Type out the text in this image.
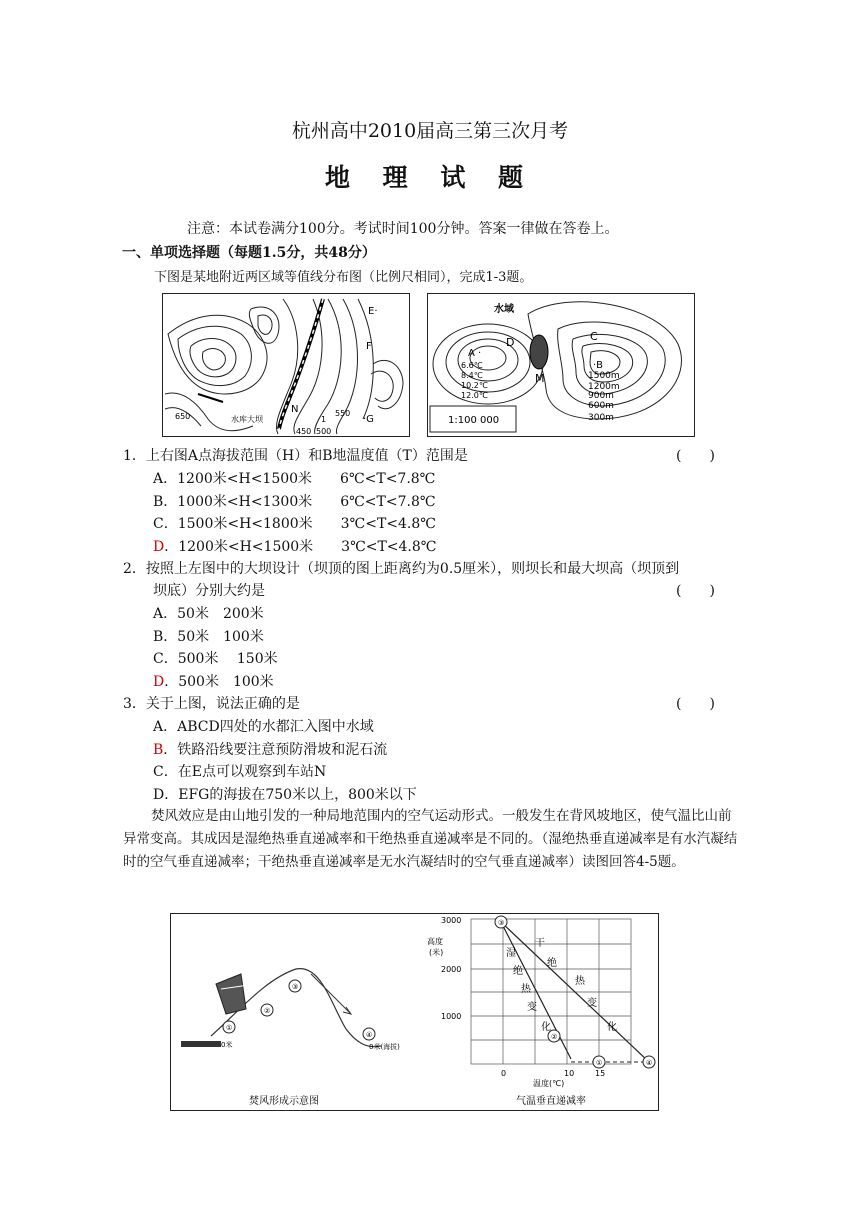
杭州高中2010届高三第三次月考
地 理 试 题
注意：本试卷满分100分。考试时间100分钟。答案一律做在答卷上。
一、单项选择题（每题1.5分，共48分）
下图是某地附近两区域等值线分布图（比例尺相同），完成1-3题。
E·
F
N
·G
水库大坝
650	550
450 500
1
水域
A ·
D
M
C
·B
6.6℃
8.4℃
10.2℃
12.0℃
1500m
1200m
900m
600m
300m
1:100 000
1．上右图A点海拔范围（H）和B地温度值（T）范围是	(　　)
A．1200米<H<1500米　　6℃<T<7.8℃
B．1000米<H<1300米　　6℃<T<7.8℃
C．1500米<H<1800米　　3℃<T<4.8℃
D．1200米<H<1500米　　3℃<T<4.8℃
2．按照上左图中的大坝设计（坝顶的图上距离约为0.5厘米），则坝长和最大坝高（坝顶到
坝底）分别大约是	(　　)
A．50米　200米
B．50米　100米
C．500米　 150米
D．500米　100米
3．关于上图，说法正确的是	(　　)
A．ABCD四处的水都汇入图中水域
B．铁路沿线要注意预防滑坡和泥石流
C．在E点可以观察到车站N
D．EFG的海拔在750米以上，800米以下
焚风效应是由山地引发的一种局地范围内的空气运动形式。一般发生在背风坡地区，使气温比山前异常变高。其成因是湿绝热垂直递减率和干绝热垂直递减率是不同的。（湿绝热垂直递减率是有水汽凝结时的空气垂直递减率；干绝热垂直递减率是无水汽凝结时的空气垂直递减率）读图回答4-5题。
①
②
③
④
0米	0米(海拔)
焚风形成示意图
③
②
①	④
高度(米)
3000
2000
1000
0	10	15
温度(℃)
湿
绝
热
变
化
干
绝
热
变
化
气温垂直递减率
